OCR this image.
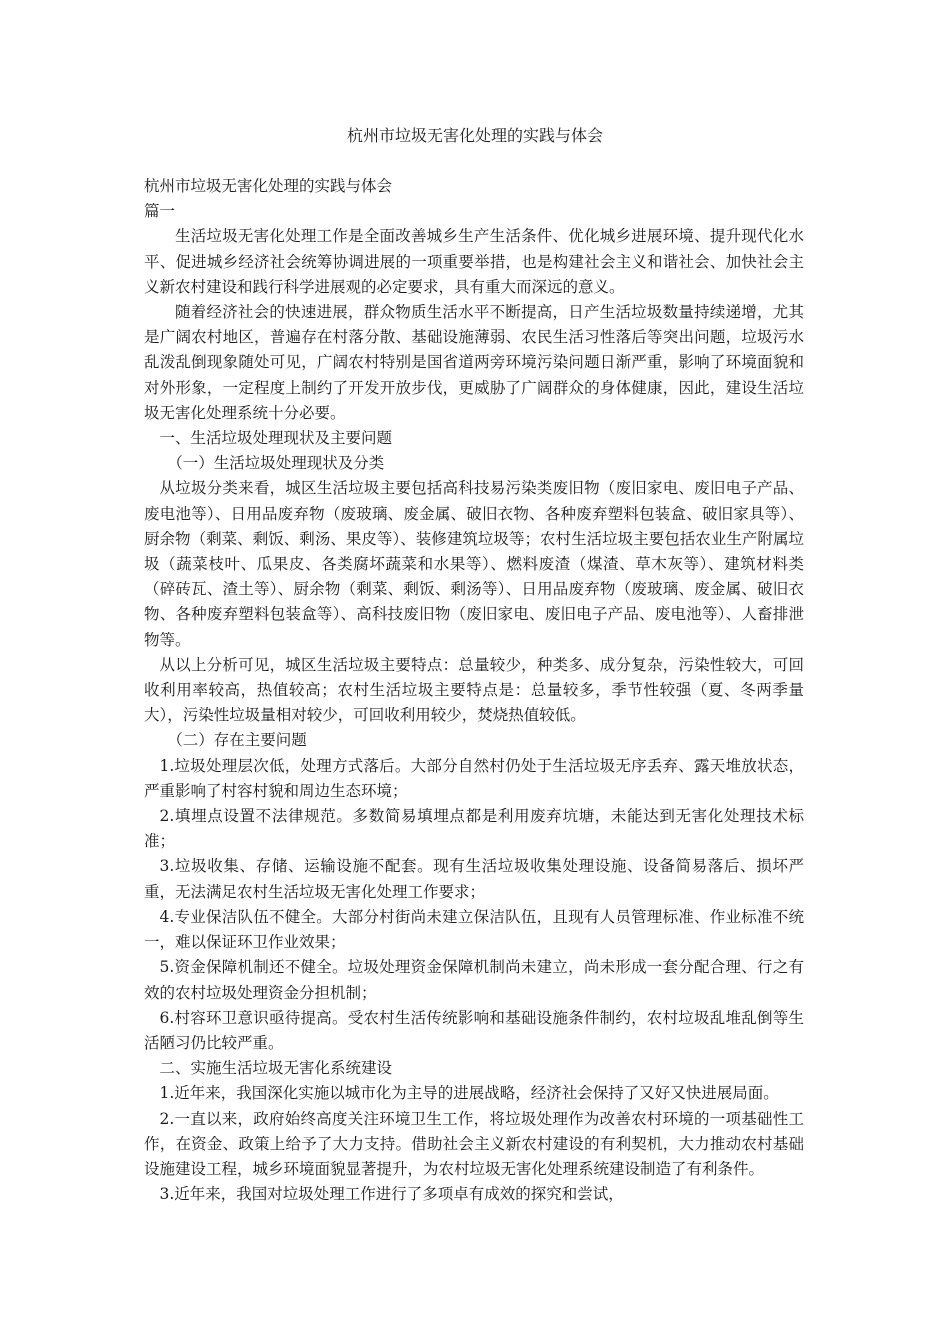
杭州市垃圾无害化处理的实践与体会

杭州市垃圾无害化处理的实践与体会

篇一

生活垃圾无害化处理工作是全面改善城乡生产生活条件、优化城乡进展环境、提升现代化水平、促进城乡经济社会统筹协调进展的一项重要举措，也是构建社会主义和谐社会、加快社会主义新农村建设和践行科学进展观的必定要求，具有重大而深远的意义。

随着经济社会的快速进展，群众物质生活水平不断提高，日产生活垃圾数量持续递增，尤其是广阔农村地区，普遍存在村落分散、基础设施薄弱、农民生活习性落后等突出问题，垃圾污水乱泼乱倒现象随处可见，广阔农村特别是国省道两旁环境污染问题日渐严重，影响了环境面貌和对外形象，一定程度上制约了开发开放步伐，更威胁了广阔群众的身体健康，因此，建设生活垃圾无害化处理系统十分必要。

一、生活垃圾处理现状及主要问题

（一）生活垃圾处理现状及分类

从垃圾分类来看，城区生活垃圾主要包括高科技易污染类废旧物（废旧家电、废旧电子产品、废电池等）、日用品废弃物（废玻璃、废金属、破旧衣物、各种废弃塑料包装盒、破旧家具等）、厨余物（剩菜、剩饭、剩汤、果皮等）、装修建筑垃圾等；农村生活垃圾主要包括农业生产附属垃圾（蔬菜枝叶、瓜果皮、各类腐坏蔬菜和水果等）、燃料废渣（煤渣、草木灰等）、建筑材料类（碎砖瓦、渣土等）、厨余物（剩菜、剩饭、剩汤等）、日用品废弃物（废玻璃、废金属、破旧衣物、各种废弃塑料包装盒等）、高科技废旧物（废旧家电、废旧电子产品、废电池等）、人畜排泄物等。

从以上分析可见，城区生活垃圾主要特点：总量较少，种类多、成分复杂，污染性较大，可回收利用率较高，热值较高；农村生活垃圾主要特点是：总量较多，季节性较强（夏、冬两季量大），污染性垃圾量相对较少，可回收利用较少，焚烧热值较低。

（二）存在主要问题

1.垃圾处理层次低，处理方式落后。大部分自然村仍处于生活垃圾无序丢弃、露天堆放状态，严重影响了村容村貌和周边生态环境；

2.填埋点设置不法律规范。多数简易填埋点都是利用废弃坑塘，未能达到无害化处理技术标准；

3.垃圾收集、存储、运输设施不配套。现有生活垃圾收集处理设施、设备简易落后、损坏严重，无法满足农村生活垃圾无害化处理工作要求；

4.专业保洁队伍不健全。大部分村街尚未建立保洁队伍，且现有人员管理标准、作业标准不统一，难以保证环卫作业效果；

5.资金保障机制还不健全。垃圾处理资金保障机制尚未建立，尚未形成一套分配合理、行之有效的农村垃圾处理资金分担机制；

6.村容环卫意识亟待提高。受农村生活传统影响和基础设施条件制约，农村垃圾乱堆乱倒等生活陋习仍比较严重。

二、实施生活垃圾无害化系统建设

1.近年来，我国深化实施以城市化为主导的进展战略，经济社会保持了又好又快进展局面。

2.一直以来，政府始终高度关注环境卫生工作，将垃圾处理作为改善农村环境的一项基础性工作，在资金、政策上给予了大力支持。借助社会主义新农村建设的有利契机，大力推动农村基础设施建设工程，城乡环境面貌显著提升，为农村垃圾无害化处理系统建设制造了有利条件。

3.近年来，我国对垃圾处理工作进行了多项卓有成效的探究和尝试，
